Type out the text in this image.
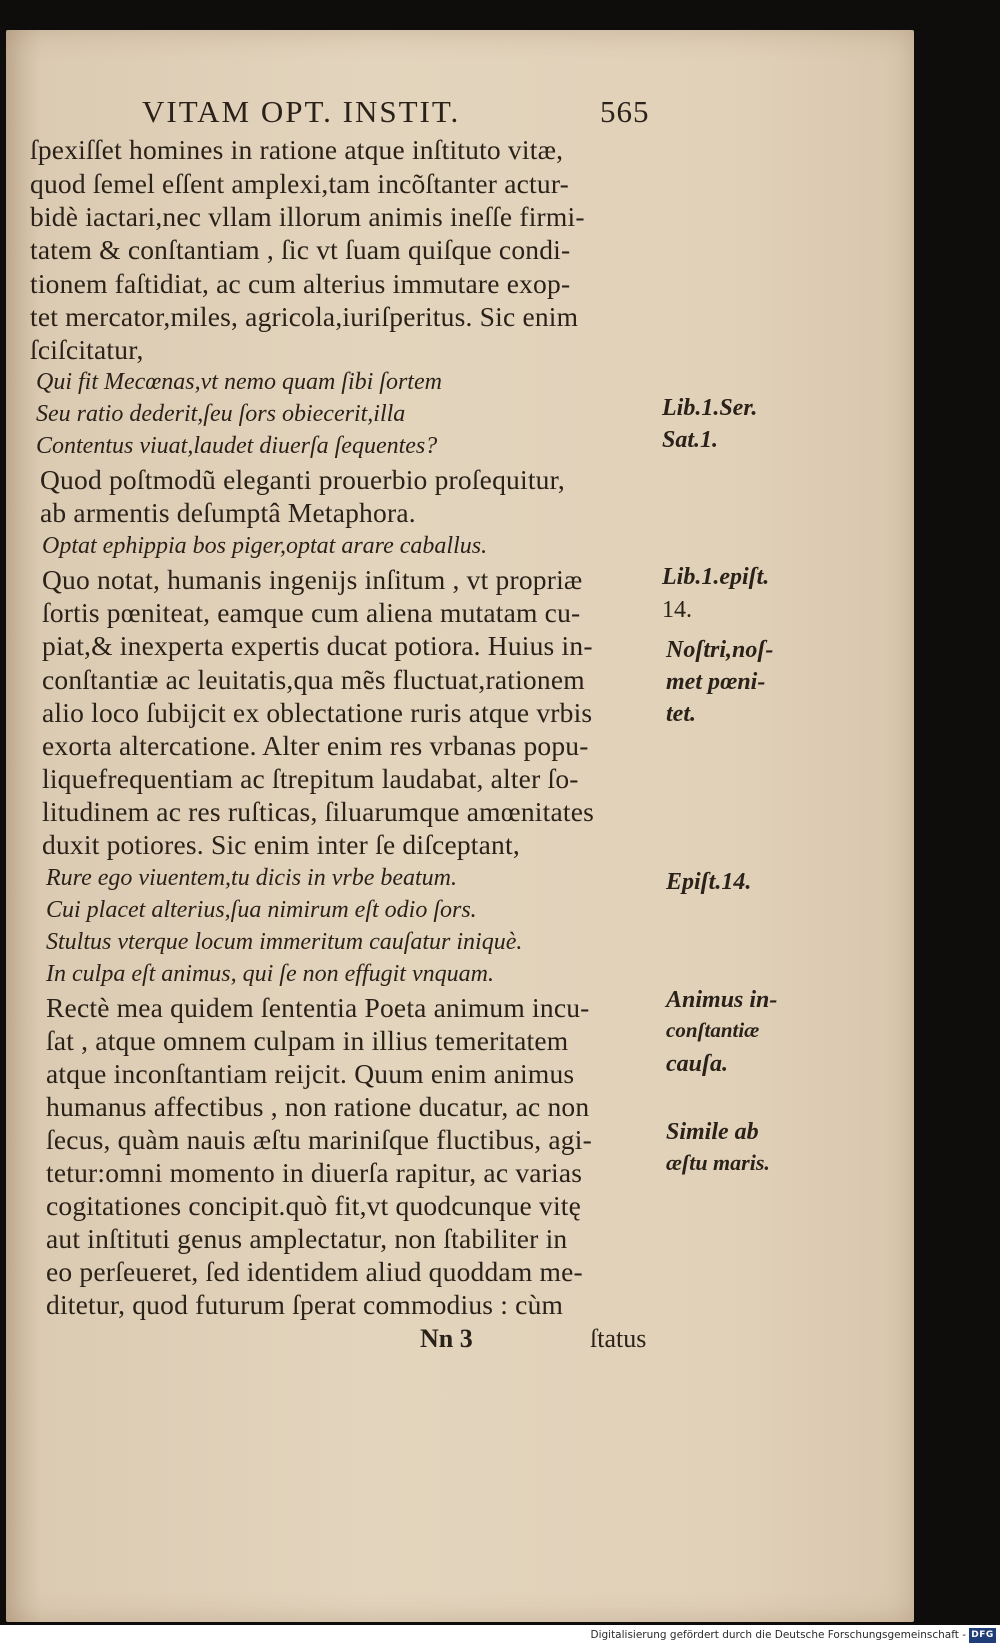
VITAM OPT. INSTIT.	565
ſpexiſſet homines in ratione atque inſtituto vitæ,
quod ſemel eſſent amplexi,tam incõſtanter actur-
bidè iactari,nec vllam illorum animis ineſſe firmi-
tatem & conſtantiam , ſic vt ſuam quiſque condi-
tionem faſtidiat, ac cum alterius immutare exop-
tet mercator,miles, agricola,iuriſperitus. Sic enim
ſciſcitatur,
Qui fit Mecœnas,vt nemo quam ſibi ſortem
Seu ratio dederit,ſeu ſors obiecerit,illa
Contentus viuat,laudet diuerſa ſequentes?
Quod poſtmodũ eleganti prouerbio proſequitur,
ab armentis deſumptâ Metaphora.
Optat ephippia bos piger,optat arare caballus.
Quo notat, humanis ingenijs inſitum , vt propriæ
ſortis pœniteat, eamque cum aliena mutatam cu-
piat,& inexperta expertis ducat potiora. Huius in-
conſtantiæ ac leuitatis,qua mẽs fluctuat,rationem
alio loco ſubijcit ex oblectatione ruris atque vrbis
exorta altercatione. Alter enim res vrbanas popu-
liquefrequentiam ac ſtrepitum laudabat, alter ſo-
litudinem ac res ruſticas, ſiluarumque amœnitates
duxit potiores. Sic enim inter ſe diſceptant,
Rure ego viuentem,tu dicis in vrbe beatum.
Cui placet alterius,ſua nimirum eſt odio ſors.
Stultus vterque locum immeritum cauſatur iniquè.
In culpa eſt animus, qui ſe non effugit vnquam.
Rectè mea quidem ſententia Poeta animum incu-
ſat , atque omnem culpam in illius temeritatem
atque inconſtantiam reijcit. Quum enim animus
humanus affectibus , non ratione ducatur, ac non
ſecus, quàm nauis æſtu mariniſque fluctibus, agi-
tetur:omni momento in diuerſa rapitur, ac varias
cogitationes concipit.quò fit,vt quodcunque vitę
aut inſtituti genus amplectatur, non ſtabiliter in
eo perſeueret, ſed identidem aliud quoddam me-
ditetur, quod futurum ſperat commodius : cùm
Lib.1.Ser.
Sat.1.
Lib.1.epiſt.
14.
Noſtri,noſ-
met pœni-
tet.
Epiſt.14.
Animus in-
conſtantiæ
cauſa.
Simile ab
æſtu maris.
Nn 3	ſtatus
Digitalisierung gefördert durch die Deutsche Forschungsgemeinschaft - DFG
